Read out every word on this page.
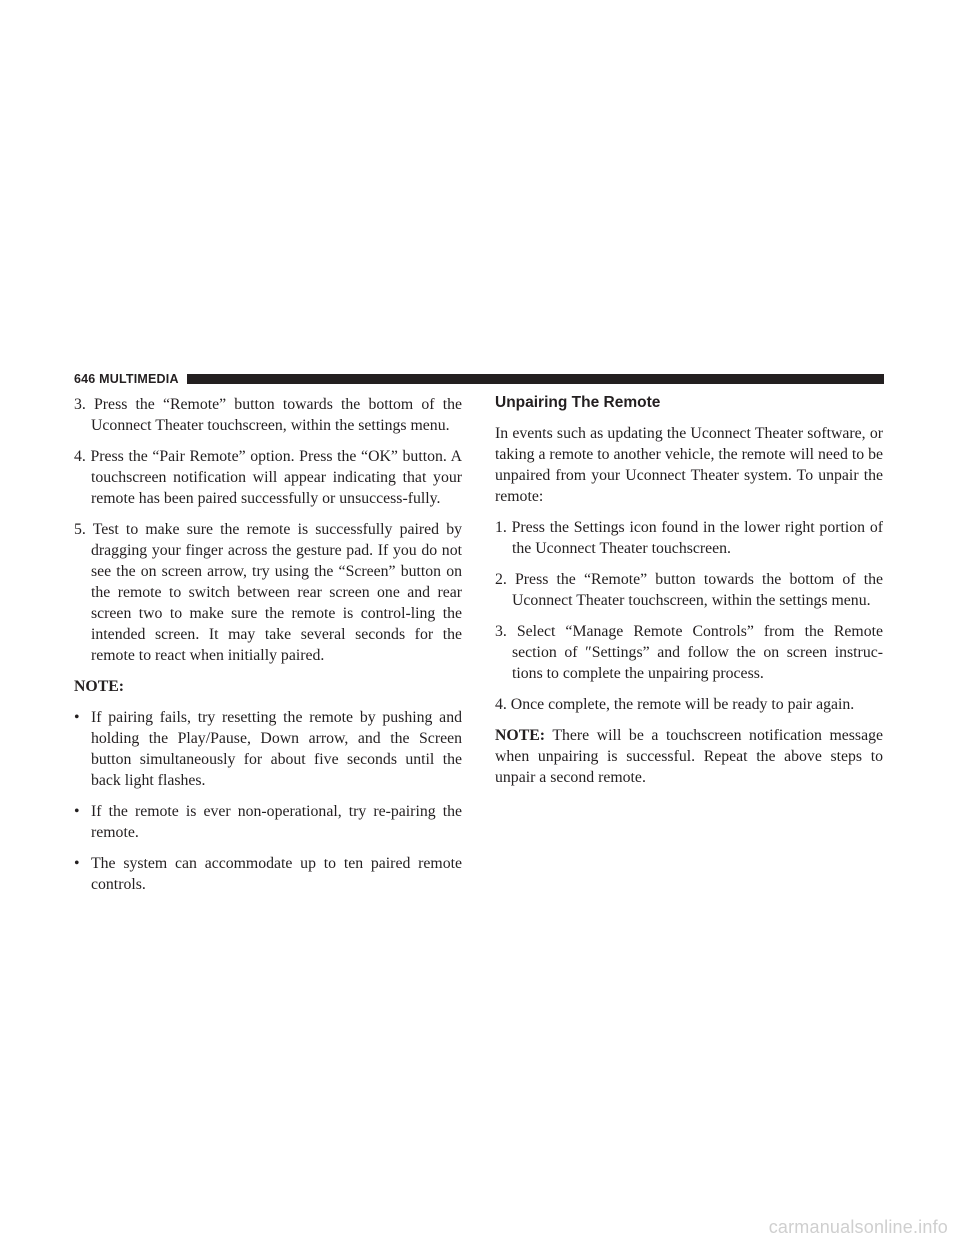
646 MULTIMEDIA

3. Press the “Remote” button towards the bottom of the Uconnect Theater touchscreen, within the settings menu.

4. Press the “Pair Remote” option. Press the “OK” button. A touchscreen notification will appear indicating that your remote has been paired successfully or unsuccess-fully.

5. Test to make sure the remote is successfully paired by dragging your finger across the gesture pad. If you do not see the on screen arrow, try using the “Screen” button on the remote to switch between rear screen one and rear screen two to make sure the remote is control-ling the intended screen. It may take several seconds for the remote to react when initially paired.

NOTE:

• If pairing fails, try resetting the remote by pushing and holding the Play/Pause, Down arrow, and the Screen button simultaneously for about five seconds until the back light flashes.
• If the remote is ever non-operational, try re-pairing the remote.
• The system can accommodate up to ten paired remote controls.
Unpairing The Remote

In events such as updating the Uconnect Theater software, or taking a remote to another vehicle, the remote will need to be unpaired from your Uconnect Theater system. To unpair the remote:

1. Press the Settings icon found in the lower right portion of the Uconnect Theater touchscreen.

2. Press the “Remote” button towards the bottom of the Uconnect Theater touchscreen, within the settings menu.

3. Select “Manage Remote Controls” from the Remote section of ″Settings” and follow the on screen instruc-tions to complete the unpairing process.

4. Once complete, the remote will be ready to pair again.

NOTE: There will be a touchscreen notification message when unpairing is successful. Repeat the above steps to unpair a second remote.

carmanualsonline.info
